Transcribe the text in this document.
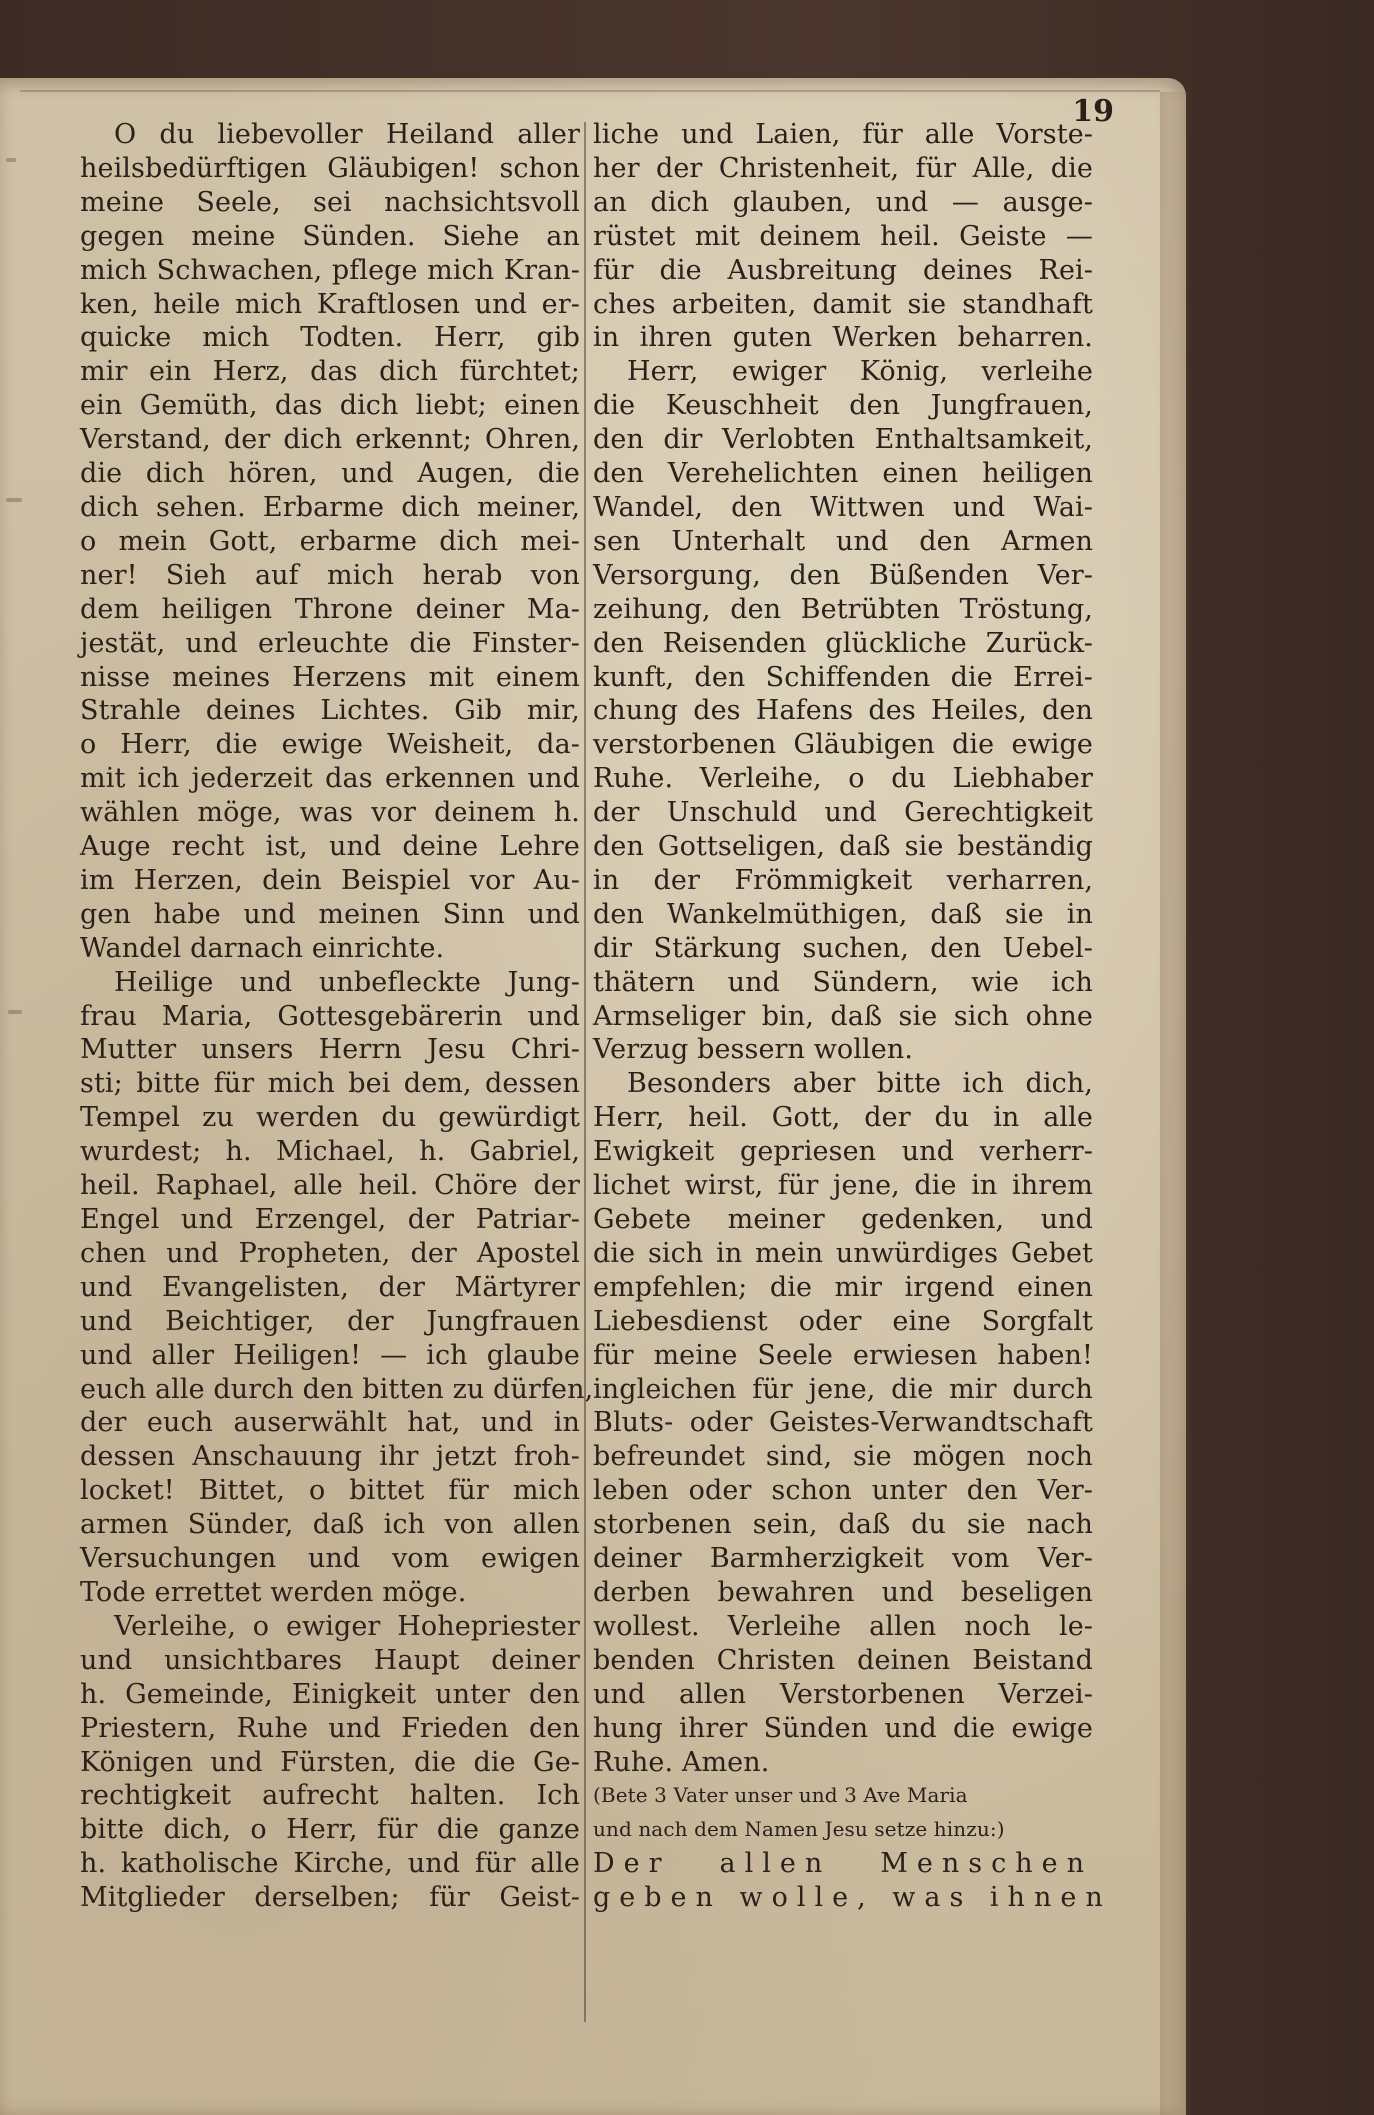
19
O du liebevoller Heiland aller
heilsbedürftigen Gläubigen! schon
meine Seele, sei nachsichtsvoll
gegen meine Sünden. Siehe an
mich Schwachen, pflege mich Kran-
ken, heile mich Kraftlosen und er-
quicke mich Todten. Herr, gib
mir ein Herz, das dich fürchtet;
ein Gemüth, das dich liebt; einen
Verstand, der dich erkennt; Ohren,
die dich hören, und Augen, die
dich sehen. Erbarme dich meiner,
o mein Gott, erbarme dich mei-
ner! Sieh auf mich herab von
dem heiligen Throne deiner Ma-
jestät, und erleuchte die Finster-
nisse meines Herzens mit einem
Strahle deines Lichtes. Gib mir,
o Herr, die ewige Weisheit, da-
mit ich jederzeit das erkennen und
wählen möge, was vor deinem h.
Auge recht ist, und deine Lehre
im Herzen, dein Beispiel vor Au-
gen habe und meinen Sinn und
Wandel darnach einrichte.
Heilige und unbefleckte Jung-
frau Maria, Gottesgebärerin und
Mutter unsers Herrn Jesu Chri-
sti; bitte für mich bei dem, dessen
Tempel zu werden du gewürdigt
wurdest; h. Michael, h. Gabriel,
heil. Raphael, alle heil. Chöre der
Engel und Erzengel, der Patriar-
chen und Propheten, der Apostel
und Evangelisten, der Märtyrer
und Beichtiger, der Jungfrauen
und aller Heiligen! — ich glaube
euch alle durch den bitten zu dürfen,
der euch auserwählt hat, und in
dessen Anschauung ihr jetzt froh-
locket! Bittet, o bittet für mich
armen Sünder, daß ich von allen
Versuchungen und vom ewigen
Tode errettet werden möge.
Verleihe, o ewiger Hohepriester
und unsichtbares Haupt deiner
h. Gemeinde, Einigkeit unter den
Priestern, Ruhe und Frieden den
Königen und Fürsten, die die Ge-
rechtigkeit aufrecht halten. Ich
bitte dich, o Herr, für die ganze
h. katholische Kirche, und für alle
Mitglieder derselben; für Geist-
liche und Laien, für alle Vorste-
her der Christenheit, für Alle, die
an dich glauben, und — ausge-
rüstet mit deinem heil. Geiste —
für die Ausbreitung deines Rei-
ches arbeiten, damit sie standhaft
in ihren guten Werken beharren.
Herr, ewiger König, verleihe
die Keuschheit den Jungfrauen,
den dir Verlobten Enthaltsamkeit,
den Verehelichten einen heiligen
Wandel, den Wittwen und Wai-
sen Unterhalt und den Armen
Versorgung, den Büßenden Ver-
zeihung, den Betrübten Tröstung,
den Reisenden glückliche Zurück-
kunft, den Schiffenden die Errei-
chung des Hafens des Heiles, den
verstorbenen Gläubigen die ewige
Ruhe. Verleihe, o du Liebhaber
der Unschuld und Gerechtigkeit
den Gottseligen, daß sie beständig
in der Frömmigkeit verharren,
den Wankelmüthigen, daß sie in
dir Stärkung suchen, den Uebel-
thätern und Sündern, wie ich
Armseliger bin, daß sie sich ohne
Verzug bessern wollen.
Besonders aber bitte ich dich,
Herr, heil. Gott, der du in alle
Ewigkeit gepriesen und verherr-
lichet wirst, für jene, die in ihrem
Gebete meiner gedenken, und
die sich in mein unwürdiges Gebet
empfehlen; die mir irgend einen
Liebesdienst oder eine Sorgfalt
für meine Seele erwiesen haben!
ingleichen für jene, die mir durch
Bluts- oder Geistes-Verwandtschaft
befreundet sind, sie mögen noch
leben oder schon unter den Ver-
storbenen sein, daß du sie nach
deiner Barmherzigkeit vom Ver-
derben bewahren und beseligen
wollest. Verleihe allen noch le-
benden Christen deinen Beistand
und allen Verstorbenen Verzei-
hung ihrer Sünden und die ewige
Ruhe. Amen.
(Bete 3 Vater unser und 3 Ave Maria
und nach dem Namen Jesu setze hinzu:)
Der allen Menschen
geben wolle, was ihnen
